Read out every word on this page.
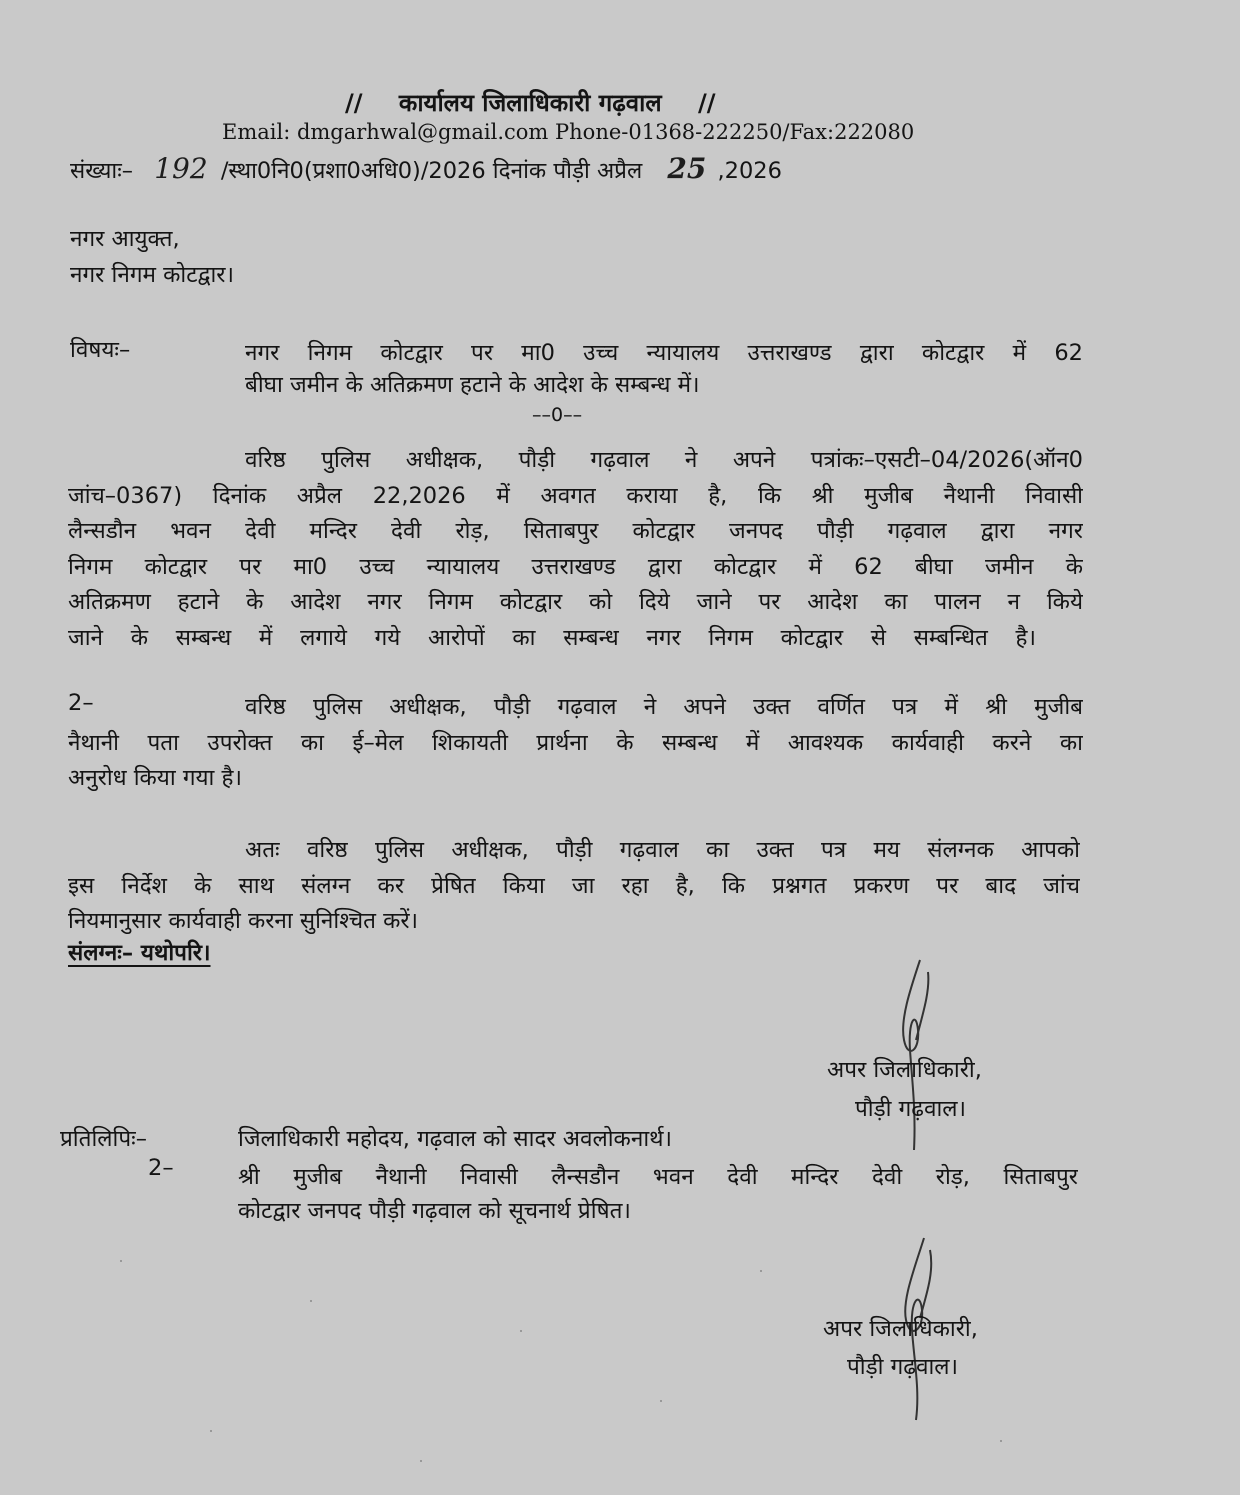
// कार्यालय जिलाधिकारी गढ़वाल //
Email: dmgarhwal@gmail.com Phone-01368-222250/Fax:222080
संख्याः– 192 /स्था0नि0(प्रशा0अधि0)/2026 दिनांक पौड़ी अप्रैल 25 ,2026
नगर आयुक्त,
नगर निगम कोटद्वार।
विषयः–	नगर निगम कोटद्वार पर मा0 उच्च न्यायालय उत्तराखण्ड द्वारा कोटद्वार में 62
बीघा जमीन के अतिक्रमण हटाने के आदेश के सम्बन्ध में।
––0––
वरिष्ठ पुलिस अधीक्षक, पौड़ी गढ़वाल ने अपने पत्रांकः–एसटी–04/2026(ऑन0
जांच–0367) दिनांक अप्रैल 22,2026 में अवगत कराया है, कि श्री मुजीब नैथानी निवासी
लैन्सडौन भवन देवी मन्दिर देवी रोड़, सिताबपुर कोटद्वार जनपद पौड़ी गढ़वाल द्वारा नगर
निगम कोटद्वार पर मा0 उच्च न्यायालय उत्तराखण्ड द्वारा कोटद्वार में 62 बीघा जमीन के
अतिक्रमण हटाने के आदेश नगर निगम कोटद्वार को दिये जाने पर आदेश का पालन न किये
जाने के सम्बन्ध में लगाये गये आरोपों का सम्बन्ध नगर निगम कोटद्वार से सम्बन्धित है।
2–	वरिष्ठ पुलिस अधीक्षक, पौड़ी गढ़वाल ने अपने उक्त वर्णित पत्र में श्री मुजीब
नैथानी पता उपरोक्त का ई–मेल शिकायती प्रार्थना के सम्बन्ध में आवश्यक कार्यवाही करने का
अनुरोध किया गया है।
अतः वरिष्ठ पुलिस अधीक्षक, पौड़ी गढ़वाल का उक्त पत्र मय संलग्नक आपको
इस निर्देश के साथ संलग्न कर प्रेषित किया जा रहा है, कि प्रश्नगत प्रकरण पर बाद जांच
नियमानुसार कार्यवाही करना सुनिश्चित करें।
संलग्नः– यथोपरि।
अपर जिलाधिकारी,
पौड़ी गढ़वाल।
प्रतिलिपिः–	जिलाधिकारी महोदय, गढ़वाल को सादर अवलोकनार्थ।
2–	श्री मुजीब नैथानी निवासी लैन्सडौन भवन देवी मन्दिर देवी रोड़, सिताबपुर
कोटद्वार जनपद पौड़ी गढ़वाल को सूचनार्थ प्रेषित।
अपर जिलाधिकारी,
पौड़ी गढ़वाल।
